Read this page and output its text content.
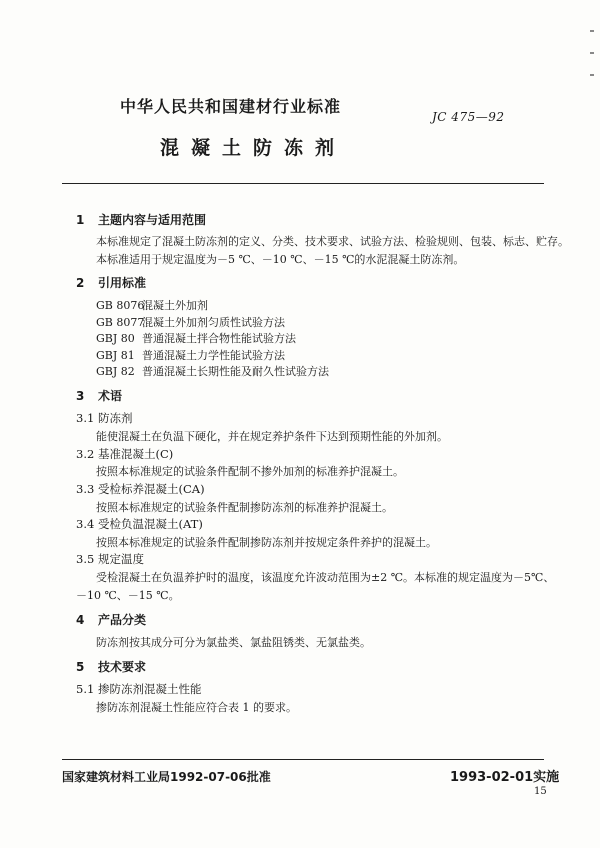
中华人民共和国建材行业标准
JC 475—92
混凝土防冻剂
1 主题内容与适用范围
本标准规定了混凝土防冻剂的定义、分类、技术要求、试验方法、检验规则、包装、标志、贮存。
本标准适用于规定温度为－5 ℃、－10 ℃、－15 ℃的水泥混凝土防冻剂。
2 引用标准
GB 8076混凝土外加剂
GB 8077混凝土外加剂匀质性试验方法
GBJ 80 普通混凝土拌合物性能试验方法
GBJ 81 普通混凝土力学性能试验方法
GBJ 82 普通混凝土长期性能及耐久性试验方法
3 术语
3.1 防冻剂
能使混凝土在负温下硬化，并在规定养护条件下达到预期性能的外加剂。
3.2 基准混凝土(C)
按照本标准规定的试验条件配制不掺外加剂的标准养护混凝土。
3.3 受检标养混凝土(CA)
按照本标准规定的试验条件配制掺防冻剂的标准养护混凝土。
3.4 受检负温混凝土(AT)
按照本标准规定的试验条件配制掺防冻剂并按规定条件养护的混凝土。
3.5 规定温度
受检混凝土在负温养护时的温度，该温度允许波动范围为±2 ℃。本标准的规定温度为－5℃、
－10 ℃、－15 ℃。
4 产品分类
防冻剂按其成分可分为氯盐类、氯盐阻锈类、无氯盐类。
5 技术要求
5.1 掺防冻剂混凝土性能
掺防冻剂混凝土性能应符合表 1 的要求。
国家建筑材料工业局1992-07-06批准	1993-02-01实施
15
